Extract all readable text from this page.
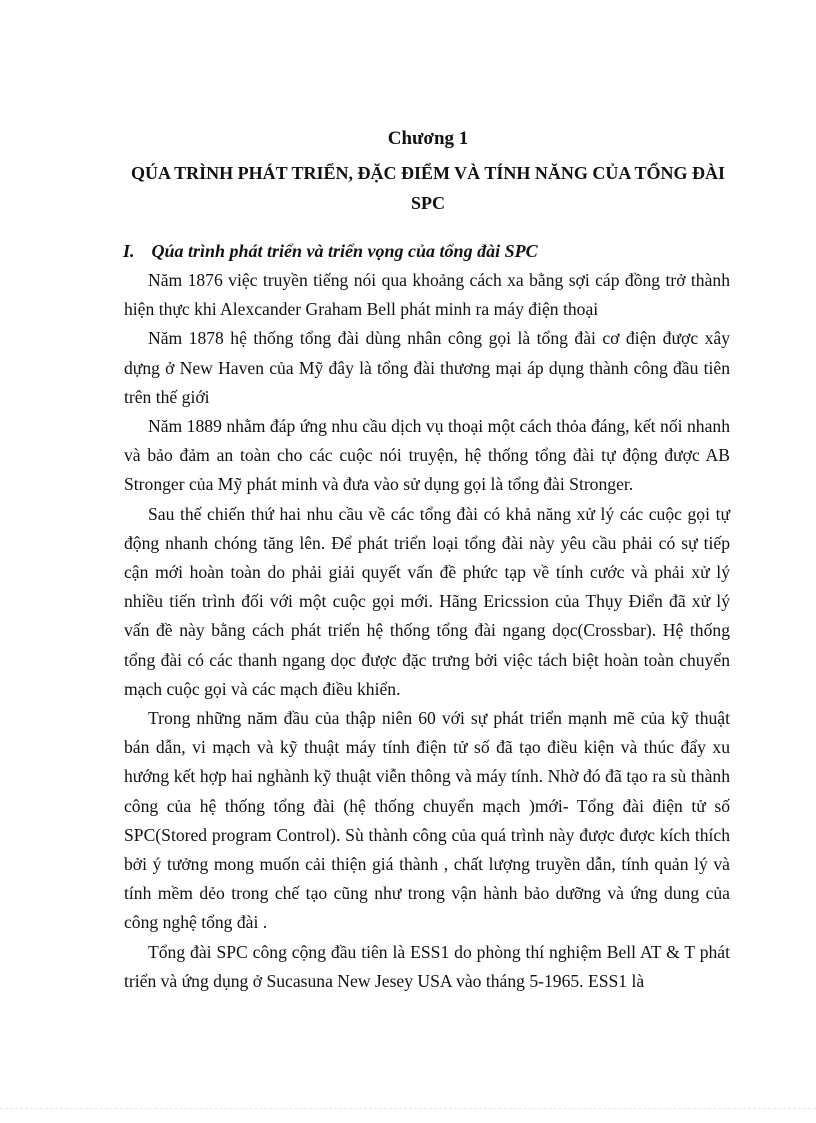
Chương 1
QÚA TRÌNH PHÁT TRIỂN, ĐẶC ĐIỂM VÀ TÍNH NĂNG CỦA TỔNG ĐÀI SPC
I. Qúa trình phát triển và triển vọng của tổng đài SPC

Năm 1876 việc truyền tiếng nói qua khoảng cách xa bằng sợi cáp đồng trở thành hiện thực khi Alexcander Graham Bell phát minh ra máy điện thoại

Năm 1878 hệ thống tổng đài dùng nhân công gọi là tổng đài cơ điện được xây dựng ở New Haven của Mỹ đây là tổng đài thương mại áp dụng thành công đầu tiên trên thế giới

Năm 1889 nhằm đáp ứng nhu cầu dịch vụ thoại một cách thỏa đáng, kết nối nhanh và bảo đảm an toàn cho các cuộc nói truyện, hệ thống tổng đài tự động được AB Stronger của Mỹ phát minh và đưa vào sử dụng gọi là tổng đài Stronger.

Sau thế chiến thứ hai nhu cầu về các tổng đài có khả năng xử lý các cuộc gọi tự động nhanh chóng tăng lên. Để phát triển loại tổng đài này yêu cầu phải có sự tiếp cận mới hoàn toàn do phải giải quyết vấn đề phức tạp về tính cước và phải xử lý nhiều tiến trình đối với một cuộc gọi mới. Hãng Ericssion của Thụy Điển đã xử lý vấn đề này bằng cách phát triển hệ thống tổng đài ngang dọc(Crossbar). Hệ thống tổng đài có các thanh ngang dọc được đặc trưng bởi việc tách biệt hoàn toàn chuyển mạch cuộc gọi và các mạch điều khiển.

Trong những năm đầu của thập niên 60 với sự phát triển mạnh mẽ của kỹ thuật bán dẫn, vi mạch và kỹ thuật máy tính điện tử số đã tạo điều kiện và thúc đẩy xu hướng kết hợp hai nghành kỹ thuật viễn thông và máy tính. Nhờ đó đã tạo ra sù thành công của hệ thống tổng đài (hệ thống chuyển mạch )mới- Tổng đài điện tử số SPC(Stored program Control). Sù thành công của quá trình này được được kích thích bởi ý tưởng mong muốn cải thiện giá thành , chất lượng truyền dẫn, tính quản lý và tính mềm dẻo trong chế tạo cũng như trong vận hành bảo dưỡng và ứng dung của công nghệ tổng đài .

Tổng đài SPC công cộng đầu tiên là ESS1 do phòng thí nghiệm Bell AT & T phát triển và ứng dụng ở Sucasuna New Jesey USA vào tháng 5-1965. ESS1 là
